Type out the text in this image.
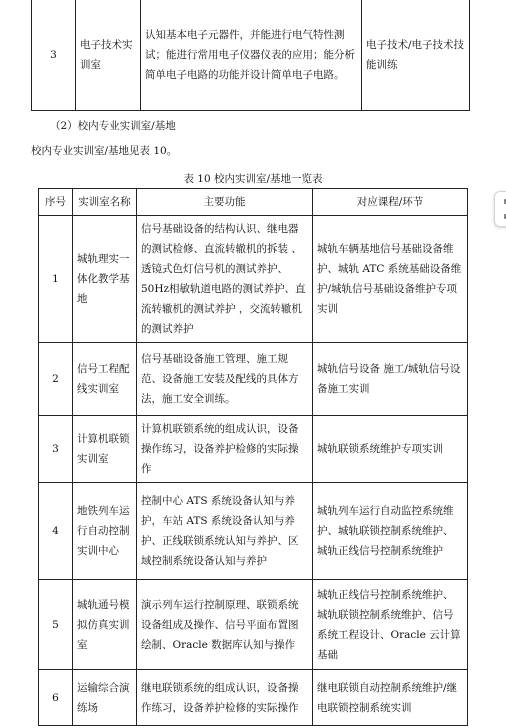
3	电子技术实训室	认知基本电子元器件，并能进行电气特性测试；能进行常用电子仪器仪表的应用；能分析简单电子电路的功能并设计简单电子电路。	电子技术/电子技术技能训练
（2）校内专业实训室/基地
校内专业实训室/基地见表 10。
表 10 校内实训室/基地一览表
序号	实训室名称	主要功能	对应课程/环节
1	城轨理实一体化教学基地	信号基础设备的结构认识、继电器的测试检修、直流转辙机的拆装 、透镜式色灯信号机的测试养护、50Hz相敏轨道电路的测试养护、直流转辙机的测试养护 ，交流转辙机的测试养护	城轨车辆基地信号基础设备维护、城轨 ATC 系统基础设备维护/城轨信号基础设备维护专项实训
2	信号工程配线实训室	信号基础设备施工管理、施工规范、设备施工安装及配线的具体方法，施工安全训练。	城轨信号设备 施工/城轨信号设备施工实训
3	计算机联锁实训室	计算机联锁系统的组成认识，设备操作练习，设备养护检修的实际操作	城轨联锁系统维护专项实训
4	地铁列车运行自动控制实训中心	控制中心 ATS 系统设备认知与养护，车站 ATS 系统设备认知与养护、正线联锁系统认知与养护、区域控制系统设备认知与养护	城轨列车运行自动监控系统维护、城轨联锁控制系统维护、城轨正线信号控制系统维护
5	城轨通号模拟仿真实训室	演示列车运行控制原理、联锁系统设备组成及操作、信号平面布置图绘制、Oracle 数据库认知与操作	城轨正线信号控制系统维护、城轨联锁控制系统维护、信号系统工程设计、Oracle 云计算基础
6	运输综合演练场	继电联锁系统的组成认识，设备操作练习，设备养护检修的实际操作	继电联锁自动控制系统维护/继电联锁控制系统实训
